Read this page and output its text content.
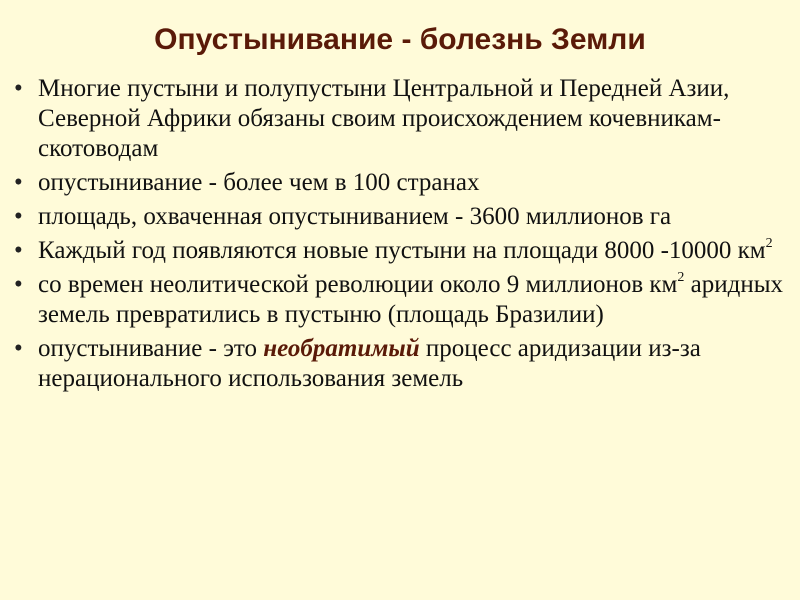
Опустынивание - болезнь Земли
• Многие пустыни и полупустыни Центральной и Передней Азии, Северной Африки обязаны своим происхождением кочевникам-скотоводам
• опустынивание - более чем в 100 странах
• площадь, охваченная опустыниванием - 3600 миллионов га
• Каждый год появляются новые пустыни на площади 8000 -10000 $км^2$
• со времен неолитической революции около 9 миллионов $км^2$ аридных земель превратились в пустыню (площадь Бразилии)
• опустынивание - это необратимый процесс аридизации из-за нерационального использования земель
